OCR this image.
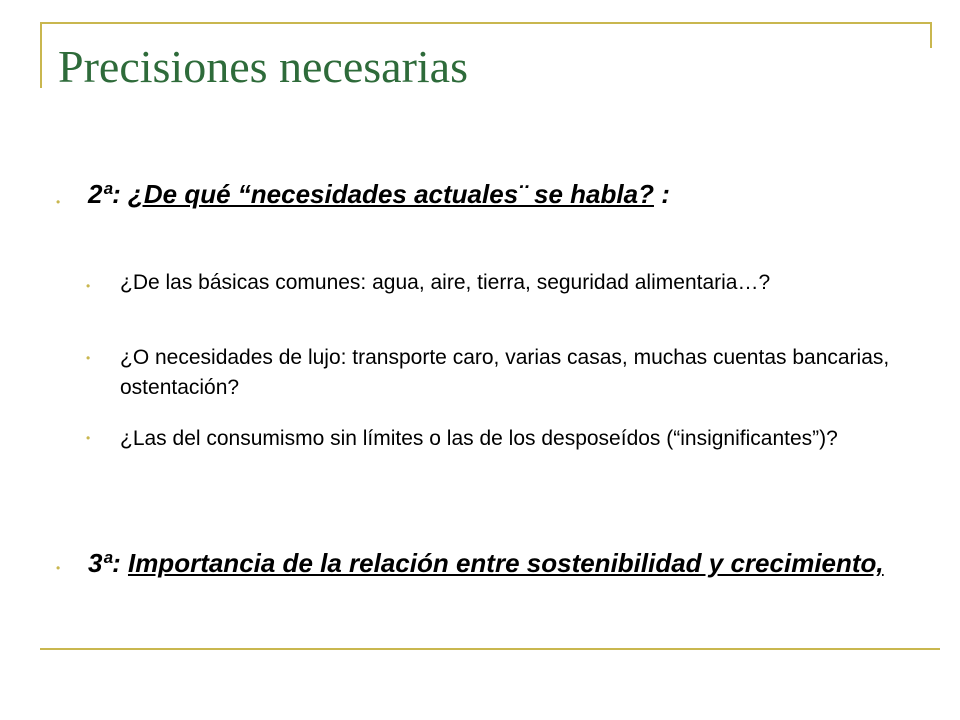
Precisiones necesarias
• 2ª: ¿De qué “necesidades actuales¨ se habla? :

• ¿De las básicas comunes: agua, aire, tierra, seguridad alimentaria…?

• ¿O necesidades de lujo: transporte caro, varias casas, muchas cuentas bancarias, ostentación?

• ¿Las del consumismo sin límites o las de los desposeídos (“insignificantes”)?

• 3ª: Importancia de la relación entre sostenibilidad y crecimiento,
